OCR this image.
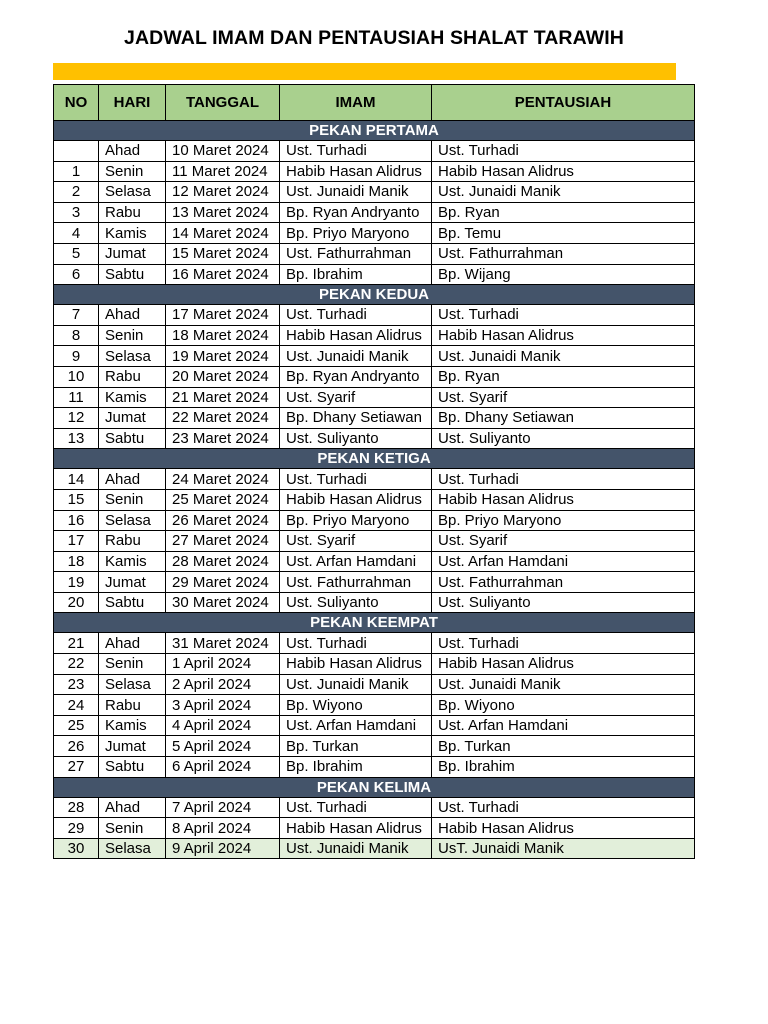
JADWAL IMAM DAN PENTAUSIAH SHALAT TARAWIH
NO	HARI	TANGGAL	IMAM	PENTAUSIAH
PEKAN PERTAMA				
	Ahad	10 Maret 2024	Ust. Turhadi	Ust. Turhadi
1	Senin	11 Maret 2024	Habib Hasan Alidrus	Habib Hasan Alidrus
2	Selasa	12 Maret 2024	Ust. Junaidi Manik	Ust. Junaidi Manik
3	Rabu	13 Maret 2024	Bp. Ryan Andryanto	Bp. Ryan
4	Kamis	14 Maret 2024	Bp. Priyo Maryono	Bp. Temu
5	Jumat	15 Maret 2024	Ust. Fathurrahman	Ust. Fathurrahman
6	Sabtu	16 Maret 2024	Bp. Ibrahim	Bp. Wijang
PEKAN KEDUA				
7	Ahad	17 Maret 2024	Ust. Turhadi	Ust. Turhadi
8	Senin	18 Maret 2024	Habib Hasan Alidrus	Habib Hasan Alidrus
9	Selasa	19 Maret 2024	Ust. Junaidi Manik	Ust. Junaidi Manik
10	Rabu	20 Maret 2024	Bp. Ryan Andryanto	Bp. Ryan
11	Kamis	21 Maret 2024	Ust. Syarif	Ust. Syarif
12	Jumat	22 Maret 2024	Bp. Dhany Setiawan	Bp. Dhany Setiawan
13	Sabtu	23 Maret 2024	Ust. Suliyanto	Ust. Suliyanto
PEKAN KETIGA				
14	Ahad	24 Maret 2024	Ust. Turhadi	Ust. Turhadi
15	Senin	25 Maret 2024	Habib Hasan Alidrus	Habib Hasan Alidrus
16	Selasa	26 Maret 2024	Bp. Priyo Maryono	Bp. Priyo Maryono
17	Rabu	27 Maret 2024	Ust. Syarif	Ust. Syarif
18	Kamis	28 Maret 2024	Ust. Arfan Hamdani	Ust. Arfan Hamdani
19	Jumat	29 Maret 2024	Ust. Fathurrahman	Ust. Fathurrahman
20	Sabtu	30 Maret 2024	Ust. Suliyanto	Ust. Suliyanto
PEKAN KEEMPAT				
21	Ahad	31 Maret 2024	Ust. Turhadi	Ust. Turhadi
22	Senin	1 April 2024	Habib Hasan Alidrus	Habib Hasan Alidrus
23	Selasa	2 April 2024	Ust. Junaidi Manik	Ust. Junaidi Manik
24	Rabu	3 April 2024	Bp. Wiyono	Bp. Wiyono
25	Kamis	4 April 2024	Ust. Arfan Hamdani	Ust. Arfan Hamdani
26	Jumat	5 April 2024	Bp. Turkan	Bp. Turkan
27	Sabtu	6 April 2024	Bp. Ibrahim	Bp. Ibrahim
PEKAN KELIMA				
28	Ahad	7 April 2024	Ust. Turhadi	Ust. Turhadi
29	Senin	8 April 2024	Habib Hasan Alidrus	Habib Hasan Alidrus
30	Selasa	9 April 2024	Ust. Junaidi Manik	UsT. Junaidi Manik
